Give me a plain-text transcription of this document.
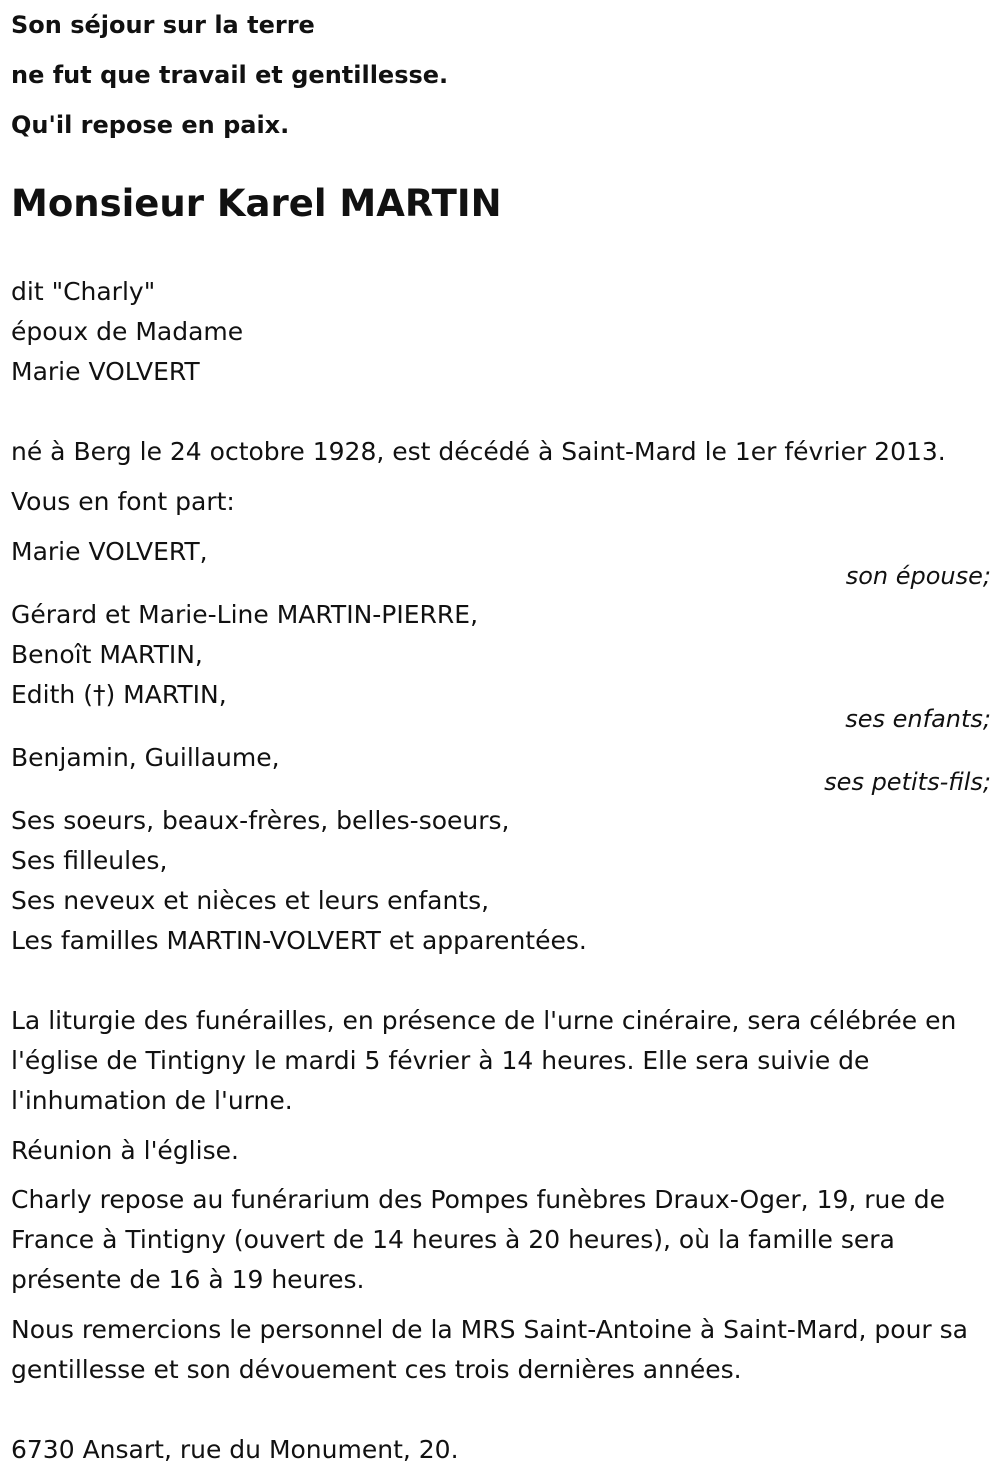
Son séjour sur la terre
ne fut que travail et gentillesse.
Qu'il repose en paix.
Monsieur Karel MARTIN
dit "Charly"
époux de Madame
Marie VOLVERT
né à Berg le 24 octobre 1928, est décédé à Saint-Mard le 1er février 2013.
Vous en font part:
Marie VOLVERT,
son épouse;
Gérard et Marie-Line MARTIN-PIERRE,
Benoît MARTIN,
Edith (†) MARTIN,
ses enfants;
Benjamin, Guillaume,
ses petits-fils;
Ses soeurs, beaux-frères, belles-soeurs,
Ses filleules,
Ses neveux et nièces et leurs enfants,
Les familles MARTIN-VOLVERT et apparentées.
La liturgie des funérailles, en présence de l'urne cinéraire, sera célébrée en l'église de Tintigny le mardi 5 février à 14 heures. Elle sera suivie de l'inhumation de l'urne.
Réunion à l'église.
Charly repose au funérarium des Pompes funèbres Draux-Oger, 19, rue de France à Tintigny (ouvert de 14 heures à 20 heures), où la famille sera présente de 16 à 19 heures.
Nous remercions le personnel de la MRS Saint-Antoine à Saint-Mard, pour sa gentillesse et son dévouement ces trois dernières années.
6730 Ansart, rue du Monument, 20.
